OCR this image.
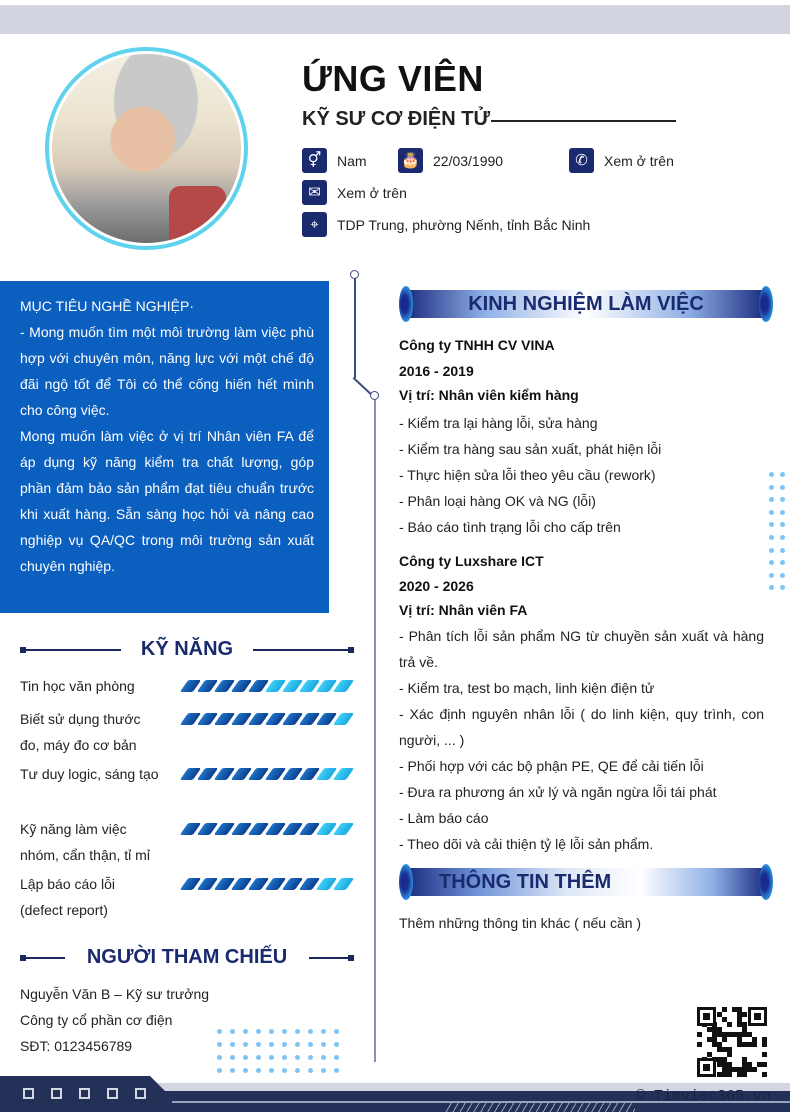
ỨNG VIÊN
KỸ SƯ CƠ ĐIỆN TỬ
⚥	Nam 🎂 22/03/1990	✆	Xem ở trên
✉	Xem ở trên
⌖	TDP Trung, phường Nếnh, tỉnh Bắc Ninh

MỤC TIÊU NGHỀ NGHIỆP·

- Mong muốn tìm một môi trường làm việc phù hợp với chuyên môn, năng lực với một chế độ đãi ngộ tốt để Tôi có thể cống hiến hết mình cho công việc.

Mong muốn làm việc ở vị trí Nhân viên FA để áp dụng kỹ năng kiểm tra chất lượng, góp phần đảm bảo sản phẩm đạt tiêu chuẩn trước khi xuất hàng. Sẵn sàng học hỏi và nâng cao nghiệp vụ QA/QC trong môi trường sản xuất chuyên nghiệp.

KỸ NĂNG
Tin học văn phòng
Biết sử dụng thước đo, máy đo cơ bản
Tư duy logic, sáng tạo
Kỹ năng làm việc nhóm, cẩn thận, tỉ mỉ
Lập báo cáo lỗi (defect report)
NGƯỜI THAM CHIẾU
Nguyễn Văn B – Kỹ sư trưởng
Công ty cổ phần cơ điện
SĐT: 0123456789
KINH NGHIỆM LÀM VIỆC
Công ty TNHH CV VINA
2016 - 2019
Vị trí: Nhân viên kiểm hàng
- Kiểm tra lại hàng lỗi, sửa hàng
- Kiểm tra hàng sau sản xuất, phát hiện lỗi
- Thực hiện sửa lỗi theo yêu cầu (rework)
- Phân loại hàng OK và NG (lỗi)
- Báo cáo tình trạng lỗi cho cấp trên
Công ty Luxshare ICT
2020 - 2026
Vị trí: Nhân viên FA
- Phân tích lỗi sản phẩm NG từ chuyền sản xuất và hàng trả về.
- Kiểm tra, test bo mạch, linh kiện điện tử
- Xác định nguyên nhân lỗi ( do linh kiện, quy trình, con người, ... )
- Phối hợp với các bộ phận PE, QE để cải tiến lỗi
- Đưa ra phương án xử lý và ngăn ngừa lỗi tái phát
- Làm báo cáo
- Theo dõi và cải thiện tỷ lệ lỗi sản phẩm.
THÔNG TIN THÊM
Thêm những thông tin khác ( nếu cần )
© Timviec365.vn
